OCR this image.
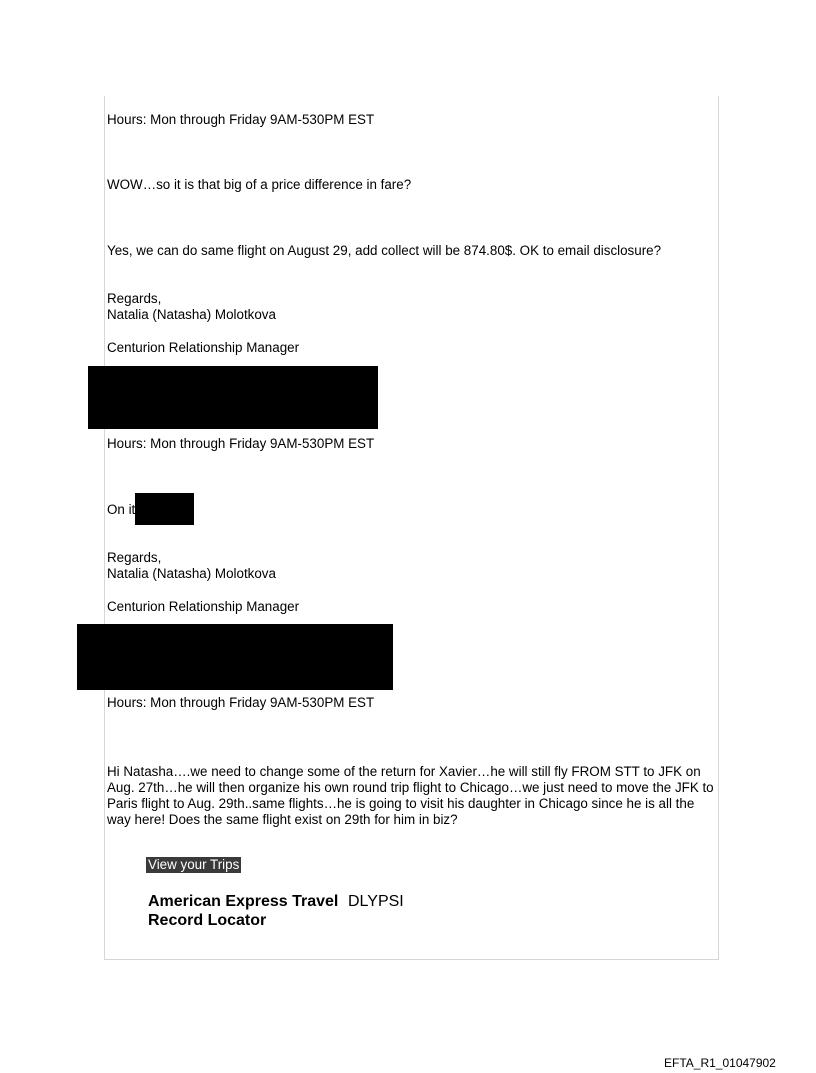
Hours: Mon through Friday 9AM-530PM EST
WOW…so it is that big of a price difference in fare?
Yes, we can do same flight on August 29, add collect will be 874.80$. OK to email disclosure?
Regards,
Natalia (Natasha) Molotkova
Centurion Relationship Manager
Hours: Mon through Friday 9AM-530PM EST
On it
Regards,
Natalia (Natasha) Molotkova
Centurion Relationship Manager
Hours: Mon through Friday 9AM-530PM EST
Hi Natasha….we need to change some of the return for Xavier…he will still fly FROM STT to JFK on Aug. 27th…he will then organize his own round trip flight to Chicago…we just need to move the JFK to Paris flight to Aug. 29th..same flights…he is going to visit his daughter in Chicago since he is all the way here! Does the same flight exist on 29th for him in biz?
View your Trips
American Express Travel DLYPSI
Record Locator
EFTA_R1_01047902
